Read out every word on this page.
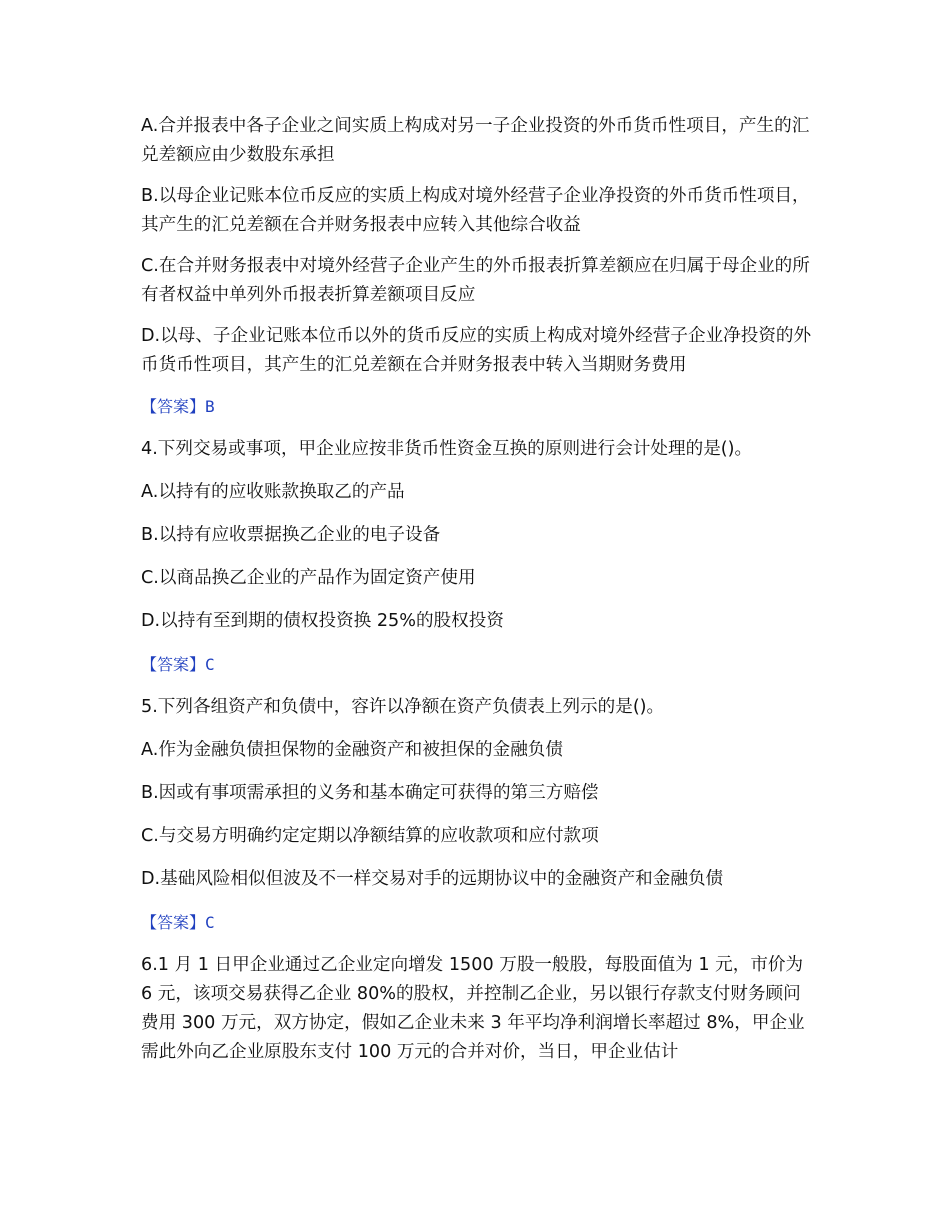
A.合并报表中各子企业之间实质上构成对另一子企业投资的外币货币性项目，产生的汇兑差额应由少数股东承担

B.以母企业记账本位币反应的实质上构成对境外经营子企业净投资的外币货币性项目，其产生的汇兑差额在合并财务报表中应转入其他综合收益

C.在合并财务报表中对境外经营子企业产生的外币报表折算差额应在归属于母企业的所有者权益中单列外币报表折算差额项目反应

D.以母、子企业记账本位币以外的货币反应的实质上构成对境外经营子企业净投资的外币货币性项目，其产生的汇兑差额在合并财务报表中转入当期财务费用

【答案】B

4.下列交易或事项，甲企业应按非货币性资金互换的原则进行会计处理的是()。

A.以持有的应收账款换取乙的产品

B.以持有应收票据换乙企业的电子设备

C.以商品换乙企业的产品作为固定资产使用

D.以持有至到期的债权投资换 25%的股权投资

【答案】C

5.下列各组资产和负债中，容许以净额在资产负债表上列示的是()。

A.作为金融负债担保物的金融资产和被担保的金融负债

B.因或有事项需承担的义务和基本确定可获得的第三方赔偿

C.与交易方明确约定定期以净额结算的应收款项和应付款项

D.基础风险相似但波及不一样交易对手的远期协议中的金融资产和金融负债

【答案】C

6.1 月 1 日甲企业通过乙企业定向增发 1500 万股一般股，每股面值为 1 元，市价为 6 元，该项交易获得乙企业 80%的股权，并控制乙企业，另以银行存款支付财务顾问费用 300 万元，双方协定，假如乙企业未来 3 年平均净利润增长率超过 8%，甲企业需此外向乙企业原股东支付 100 万元的合并对价，当日，甲企业估计
